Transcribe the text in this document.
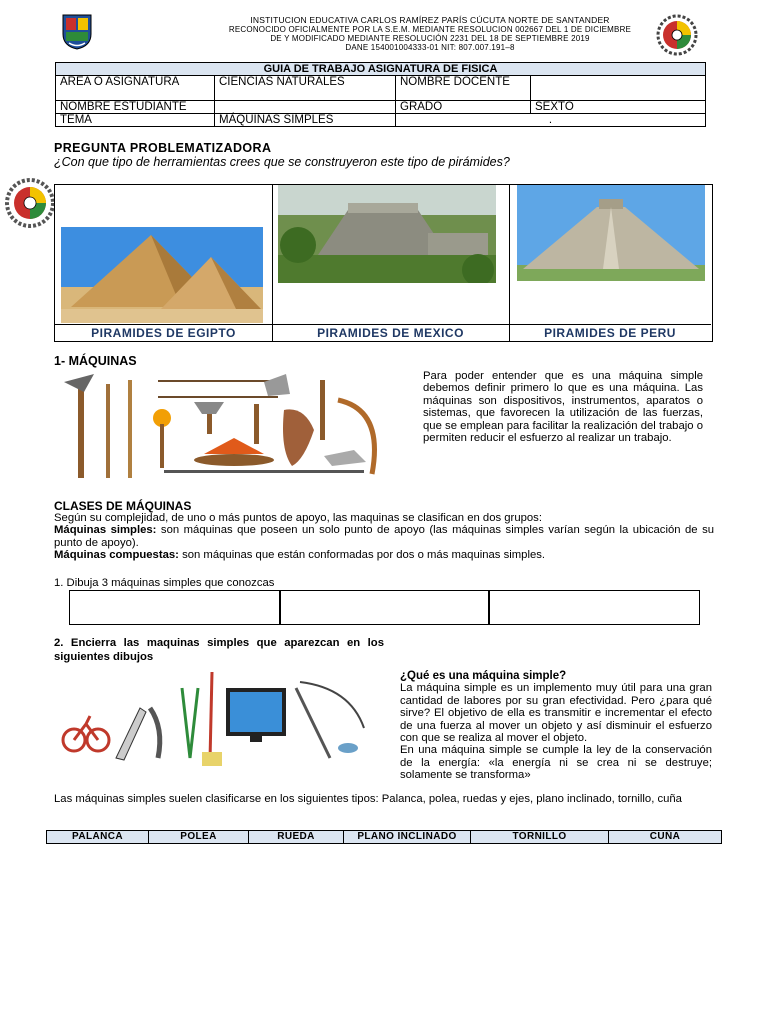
INSTITUCION EDUCATIVA CARLOS RAMÍREZ PARÍS CÚCUTA NORTE DE SANTANDER
RECONOCIDO OFICIALMENTE POR LA S.E.M. MEDIANTE RESOLUCION 002667 DEL 1 DE DICIEMBRE
DE Y MODIFICADO MEDIANTE RESOLUCIÓN 2231 DEL 18 DE SEPTIEMBRE 2019
DANE 154001004333-01 NIT: 807.007.191–8
GUIA DE TRABAJO ASIGNATURA DE FISICA			
AREA O ASIGNATURA	CIENCIAS NATURALES	NOMBRE DOCENTE	
NOMBRE ESTUDIANTE		GRADO	SEXTO
TEMA	MÁQUINAS SIMPLES	.	
PREGUNTA PROBLEMATIZADORA
¿Con que tipo de herramientas crees que se construyeron este tipo de pirámides?
PIRAMIDES DE EGIPTO	PIRAMIDES DE MEXICO	PIRAMIDES DE PERU
1- MÁQUINAS
Para poder entender que es una máquina simple debemos definir primero lo que es una máquina. Las máquinas son dispositivos, instrumentos, aparatos o sistemas, que favorecen la utilización de las fuerzas, que se emplean para facilitar la realización del trabajo o permiten reducir el esfuerzo al realizar un trabajo.
CLASES DE MÁQUINAS
Según su complejidad, de uno o más puntos de apoyo, las maquinas se clasifican en dos grupos:
Máquinas simples: son máquinas que poseen un solo punto de apoyo (las máquinas simples varían según la ubicación de su punto de apoyo).
Máquinas compuestas: son máquinas que están conformadas por dos o más maquinas simples.
1. Dibuja 3 máquinas simples que conozcas
2. Encierra las maquinas simples que aparezcan en los siguientes dibujos
¿Qué es una máquina simple?
La máquina simple es un implemento muy útil para una gran cantidad de labores por su gran efectividad. Pero ¿para qué sirve? El objetivo de ella es transmitir e incrementar el efecto de una fuerza al mover un objeto y así disminuir el esfuerzo con que se realiza al mover el objeto.
En una máquina simple se cumple la ley de la conservación de la energía: «la energía ni se crea ni se destruye; solamente se transforma»
Las máquinas simples suelen clasificarse en los siguientes tipos: Palanca, polea, ruedas y ejes, plano inclinado, tornillo, cuña
PALANCA	POLEA	RUEDA	PLANO INCLINADO	TORNILLO	CUÑA
